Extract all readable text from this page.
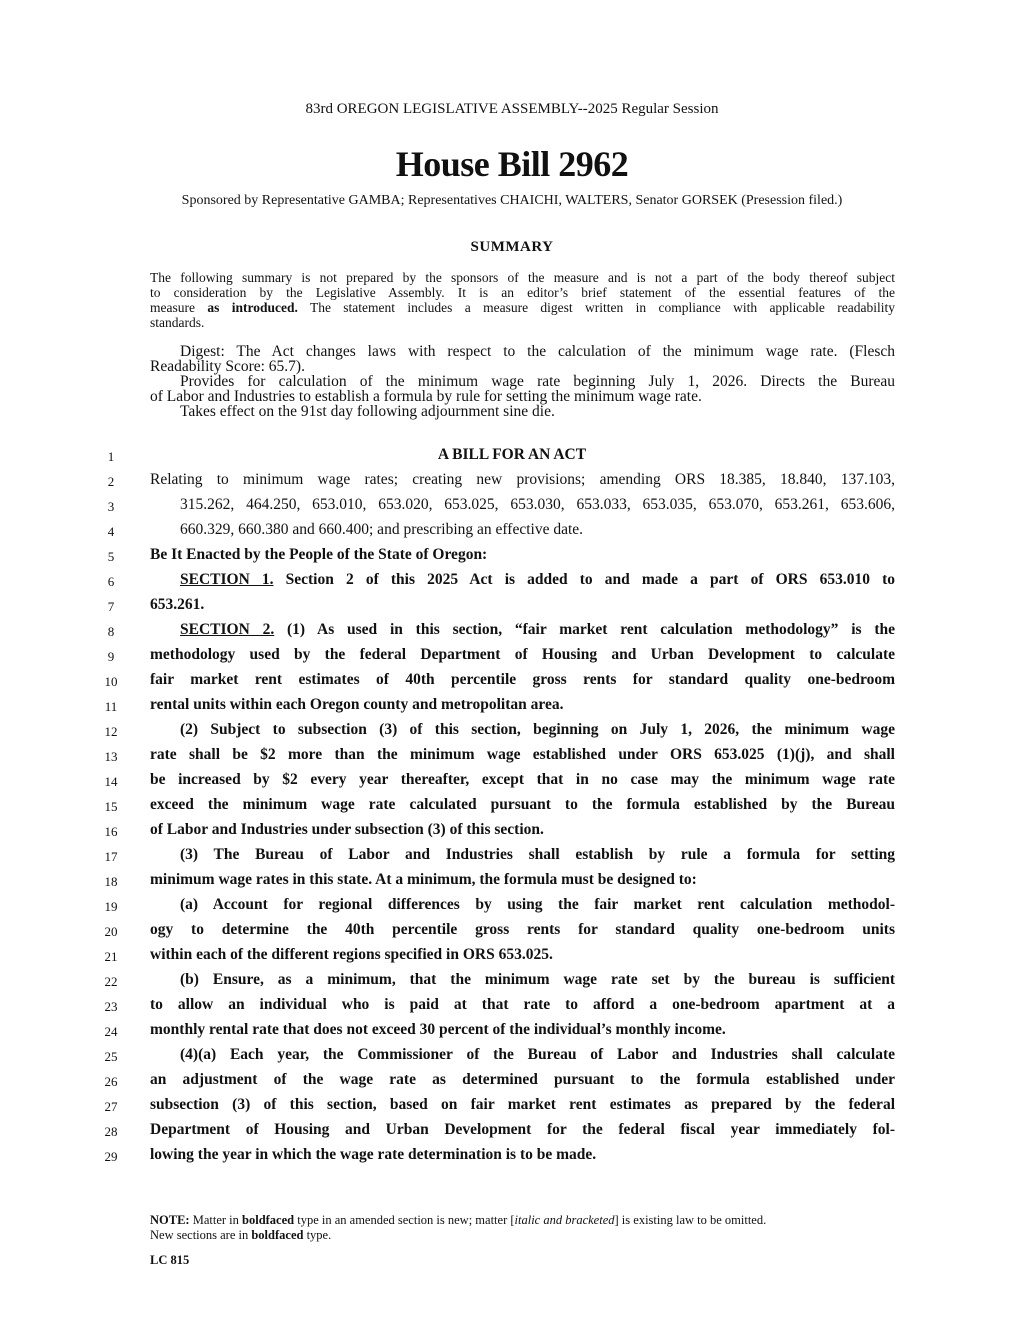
83rd OREGON LEGISLATIVE ASSEMBLY--2025 Regular Session
House Bill 2962
Sponsored by Representative GAMBA; Representatives CHAICHI, WALTERS, Senator GORSEK (Presession filed.)
SUMMARY
The following summary is not prepared by the sponsors of the measure and is not a part of the body thereof subject
to consideration by the Legislative Assembly. It is an editor’s brief statement of the essential features of the
measure as introduced. The statement includes a measure digest written in compliance with applicable readability
standards.
Digest: The Act changes laws with respect to the calculation of the minimum wage rate. (Flesch
Readability Score: 65.7).
Provides for calculation of the minimum wage rate beginning July 1, 2026. Directs the Bureau
of Labor and Industries to establish a formula by rule for setting the minimum wage rate.
Takes effect on the 91st day following adjournment sine die.
1
2
3
4
5
6
7
8
9
10
11
12
13
14
15
16
17
18
19
20
21
22
23
24
25
26
27
28
29
A BILL FOR AN ACT
Relating to minimum wage rates; creating new provisions; amending ORS 18.385, 18.840, 137.103,
315.262, 464.250, 653.010, 653.020, 653.025, 653.030, 653.033, 653.035, 653.070, 653.261, 653.606,
660.329, 660.380 and 660.400; and prescribing an effective date.
Be It Enacted by the People of the State of Oregon:
SECTION 1. Section 2 of this 2025 Act is added to and made a part of ORS 653.010 to
653.261.
SECTION 2. (1) As used in this section, “fair market rent calculation methodology” is the
methodology used by the federal Department of Housing and Urban Development to calculate
fair market rent estimates of 40th percentile gross rents for standard quality one-bedroom
rental units within each Oregon county and metropolitan area.
(2) Subject to subsection (3) of this section, beginning on July 1, 2026, the minimum wage
rate shall be $2 more than the minimum wage established under ORS 653.025 (1)(j), and shall
be increased by $2 every year thereafter, except that in no case may the minimum wage rate
exceed the minimum wage rate calculated pursuant to the formula established by the Bureau
of Labor and Industries under subsection (3) of this section.
(3) The Bureau of Labor and Industries shall establish by rule a formula for setting
minimum wage rates in this state. At a minimum, the formula must be designed to:
(a) Account for regional differences by using the fair market rent calculation methodol-
ogy to determine the 40th percentile gross rents for standard quality one-bedroom units
within each of the different regions specified in ORS 653.025.
(b) Ensure, as a minimum, that the minimum wage rate set by the bureau is sufficient
to allow an individual who is paid at that rate to afford a one-bedroom apartment at a
monthly rental rate that does not exceed 30 percent of the individual’s monthly income.
(4)(a) Each year, the Commissioner of the Bureau of Labor and Industries shall calculate
an adjustment of the wage rate as determined pursuant to the formula established under
subsection (3) of this section, based on fair market rent estimates as prepared by the federal
Department of Housing and Urban Development for the federal fiscal year immediately fol-
lowing the year in which the wage rate determination is to be made.
NOTE: Matter in boldfaced type in an amended section is new; matter [italic and bracketed] is existing law to be omitted.
New sections are in boldfaced type.
LC 815
